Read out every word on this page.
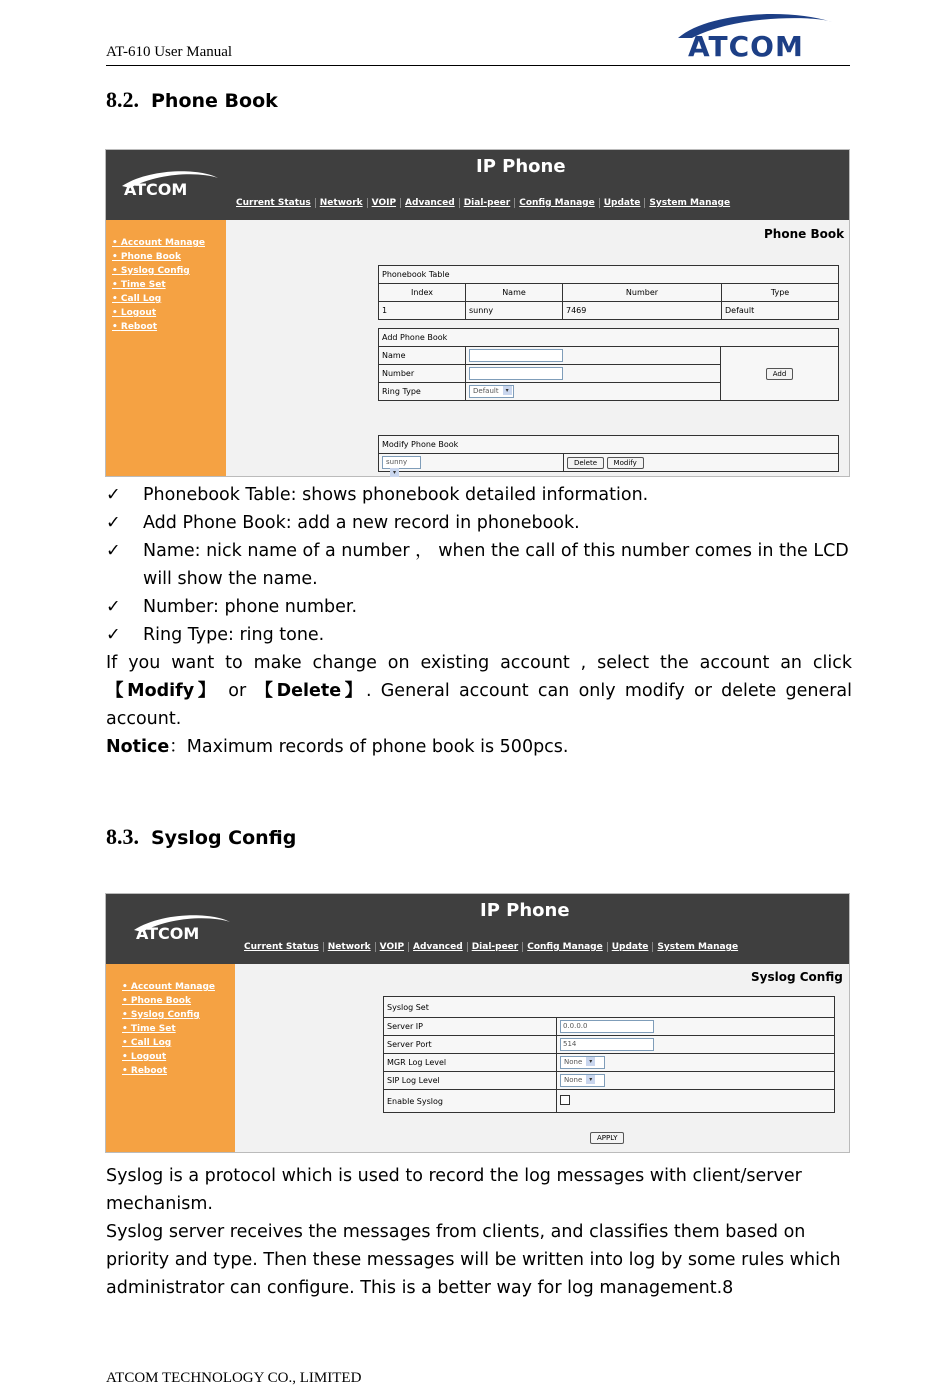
AT-610 User Manual	ATCOM
8.2. Phone Book
ATCOM
IP Phone
Current Status	Network	VOIP	Advanced	Dial-peer	Config Manage	Update	System Manage
• Account Manage
• Phone Book
• Syslog Config
• Time Set
• Call Log
• Logout
• Reboot
Phone Book
Phonebook Table			
Index	Name	Number	Type
1	sunny	7469	Default
Add Phone Book		
Name		Add
Number		
Ring Type	Default ▾	
Modify Phone Book
sunny▾	Delete Modify
✓ Phonebook Table: shows phonebook detailed information.
✓ Add Phone Book: add a new record in phonebook.
✓ Name: nick name of a number ， when the call of this number comes in the LCD will show the name.
✓ Number: phone number.
✓ Ring Type: ring tone.
If you want to make change on existing account , select the account an click 【Modify】 or 【Delete】. General account can only modify or delete general account.
Notice：Maximum records of phone book is 500pcs.
8.3. Syslog Config
ATCOM
IP Phone
Current Status	Network	VOIP	Advanced	Dial-peer	Config Manage	Update	System Manage
• Account Manage
• Phone Book
• Syslog Config
• Time Set
• Call Log
• Logout
• Reboot
Syslog Config
Syslog Set	
Server IP	0.0.0.0
Server Port	514
MGR Log Level	None ▾
SIP Log Level	None ▾
Enable Syslog	
APPLY
Syslog is a protocol which is used to record the log messages with client/server mechanism.
Syslog server receives the messages from clients, and classifies them based on priority and type. Then these messages will be written into log by some rules which administrator can configure. This is a better way for log management.8
ATCOM TECHNOLOGY CO., LIMITED
